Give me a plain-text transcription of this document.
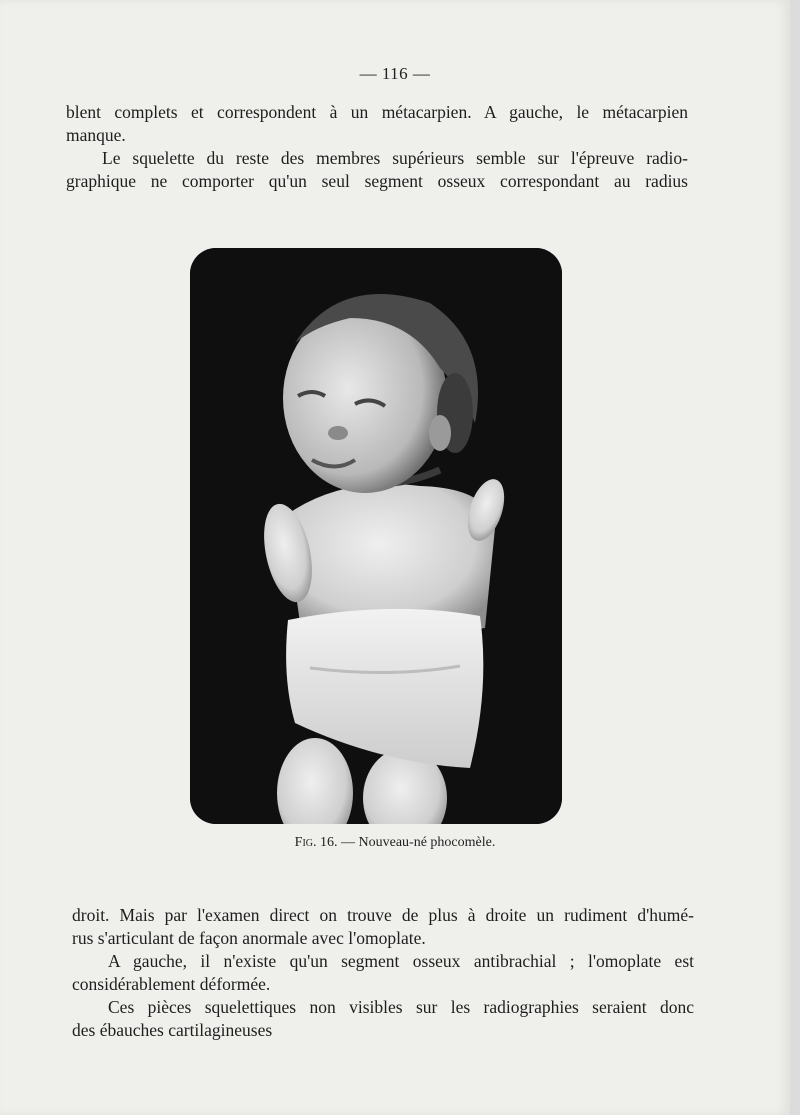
— 116 —
blent complets et correspondent à un métacarpien. A gauche, le métacarpien
manque.
Le squelette du reste des membres supérieurs semble sur l'épreuve radio-
graphique ne comporter qu'un seul segment osseux correspondant au radius
Fig. 16. — Nouveau-né phocomèle.
droit. Mais par l'examen direct on trouve de plus à droite un rudiment d'humé-
rus s'articulant de façon anormale avec l'omoplate.
A gauche, il n'existe qu'un segment osseux antibrachial ; l'omoplate est
considérablement déformée.
Ces pièces squelettiques non visibles sur les radiographies seraient donc
des ébauches cartilagineuses
